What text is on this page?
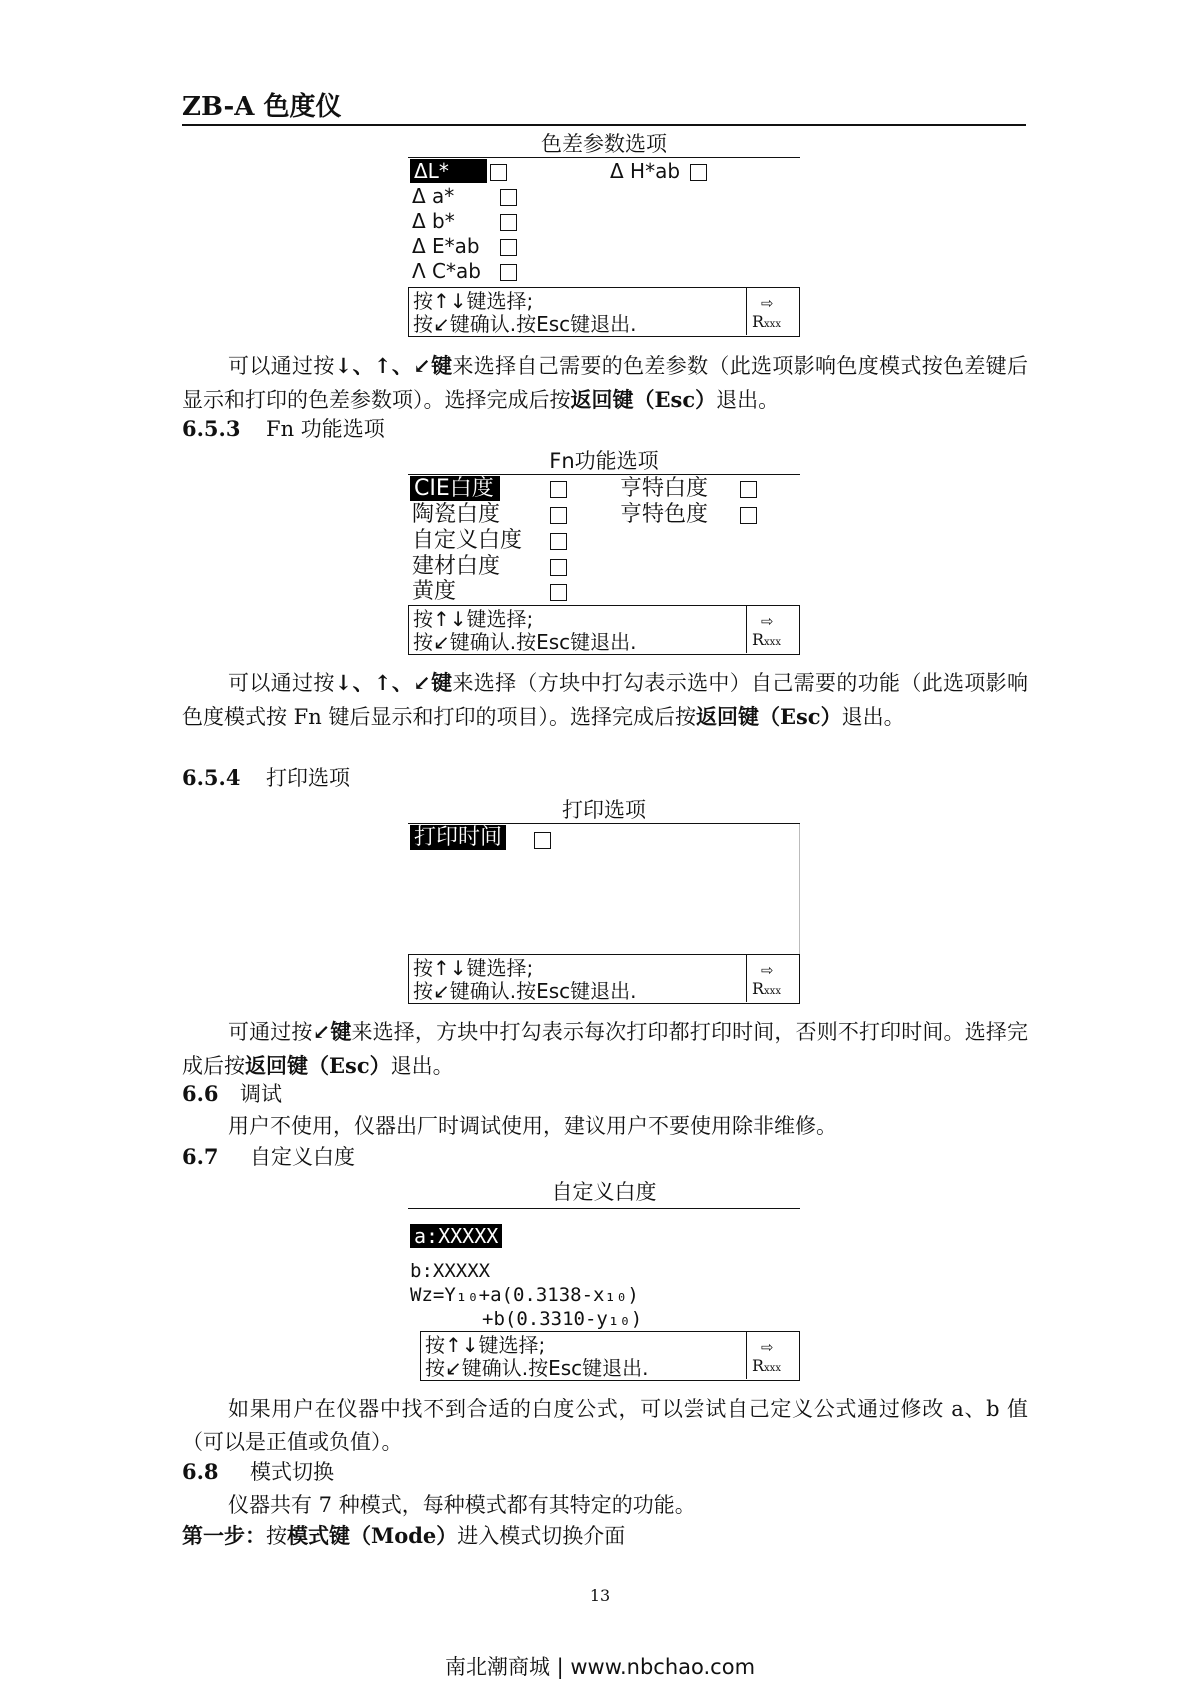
ZB-A 色度仪
色差参数选项
ΔL*
Δ a*
Δ b*
Δ E*ab
Λ C*ab
Δ H*ab
按↑↓键选择;
按↙键确认.按Esc键退出.
⇨
Rxxx
可以通过按↓、↑、↙键来选择自己需要的色差参数（此选项影响色度模式按色差键后显示和打印的色差参数项）。选择完成后按返回键（Esc）退出。
6.5.3 Fn 功能选项
Fn功能选项
CIE白度
陶瓷白度
自定义白度
建材白度
黄度
亨特白度
亨特色度
按↑↓键选择;
按↙键确认.按Esc键退出.
⇨
Rxxx
可以通过按↓、↑、↙键来选择（方块中打勾表示选中）自己需要的功能（此选项影响色度模式按 Fn 键后显示和打印的项目）。选择完成后按返回键（Esc）退出。
6.5.4 打印选项
打印选项
打印时间
按↑↓键选择;
按↙键确认.按Esc键退出.
⇨
Rxxx
可通过按↙键来选择，方块中打勾表示每次打印都打印时间，否则不打印时间。选择完成后按返回键（Esc）退出。
6.6 调试
用户不使用，仪器出厂时调试使用，建议用户不要使用除非维修。
6.7 自定义白度
自定义白度
a:XXXXX
b:XXXXX
Wz=Y₁₀+a(0.3138-x₁₀)
+b(0.3310-y₁₀)
按↑↓键选择;
按↙键确认.按Esc键退出.
⇨
Rxxx
如果用户在仪器中找不到合适的白度公式，可以尝试自己定义公式通过修改 a、b 值（可以是正值或负值）。
6.8 模式切换
仪器共有 7 种模式，每种模式都有其特定的功能。
第一步：按模式键（Mode）进入模式切换介面
13
南北潮商城 | www.nbchao.com
